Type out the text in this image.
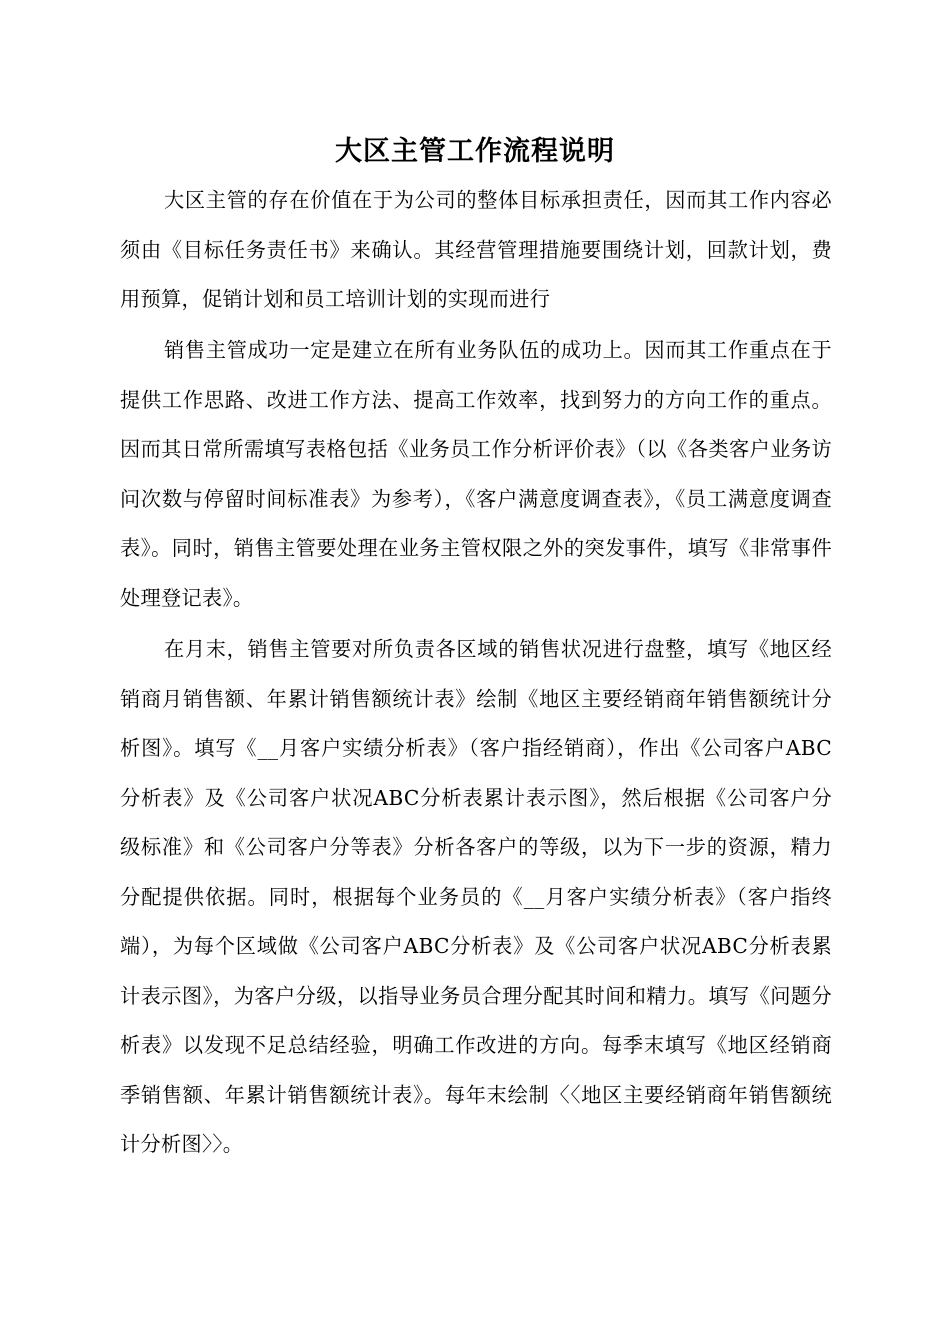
大区主管工作流程说明

大区主管的存在价值在于为公司的整体目标承担责任，因而其工作内容必须由《目标任务责任书》来确认。其经营管理措施要围绕计划，回款计划，费用预算，促销计划和员工培训计划的实现而进行

销售主管成功一定是建立在所有业务队伍的成功上。因而其工作重点在于提供工作思路、改进工作方法、提高工作效率，找到努力的方向工作的重点。因而其日常所需填写表格包括《业务员工作分析评价表》（以《各类客户业务访问次数与停留时间标准表》为参考），《客户满意度调查表》，《员工满意度调查表》。同时，销售主管要处理在业务主管权限之外的突发事件，填写《非常事件处理登记表》。

在月末，销售主管要对所负责各区域的销售状况进行盘整，填写《地区经销商月销售额、年累计销售额统计表》绘制《地区主要经销商年销售额统计分析图》。填写《__月客户实绩分析表》（客户指经销商），作出《公司客户ABC分析表》及《公司客户状况ABC分析表累计表示图》，然后根据《公司客户分级标准》和《公司客户分等表》分析各客户的等级，以为下一步的资源，精力分配提供依据。同时，根据每个业务员的《__月客户实绩分析表》（客户指终端），为每个区域做《公司客户ABC分析表》及《公司客户状况ABC分析表累计表示图》，为客户分级，以指导业务员合理分配其时间和精力。填写《问题分析表》以发现不足总结经验，明确工作改进的方向。每季末填写《地区经销商季销售额、年累计销售额统计表》。每年末绘制〈〈地区主要经销商年销售额统计分析图〉〉。
